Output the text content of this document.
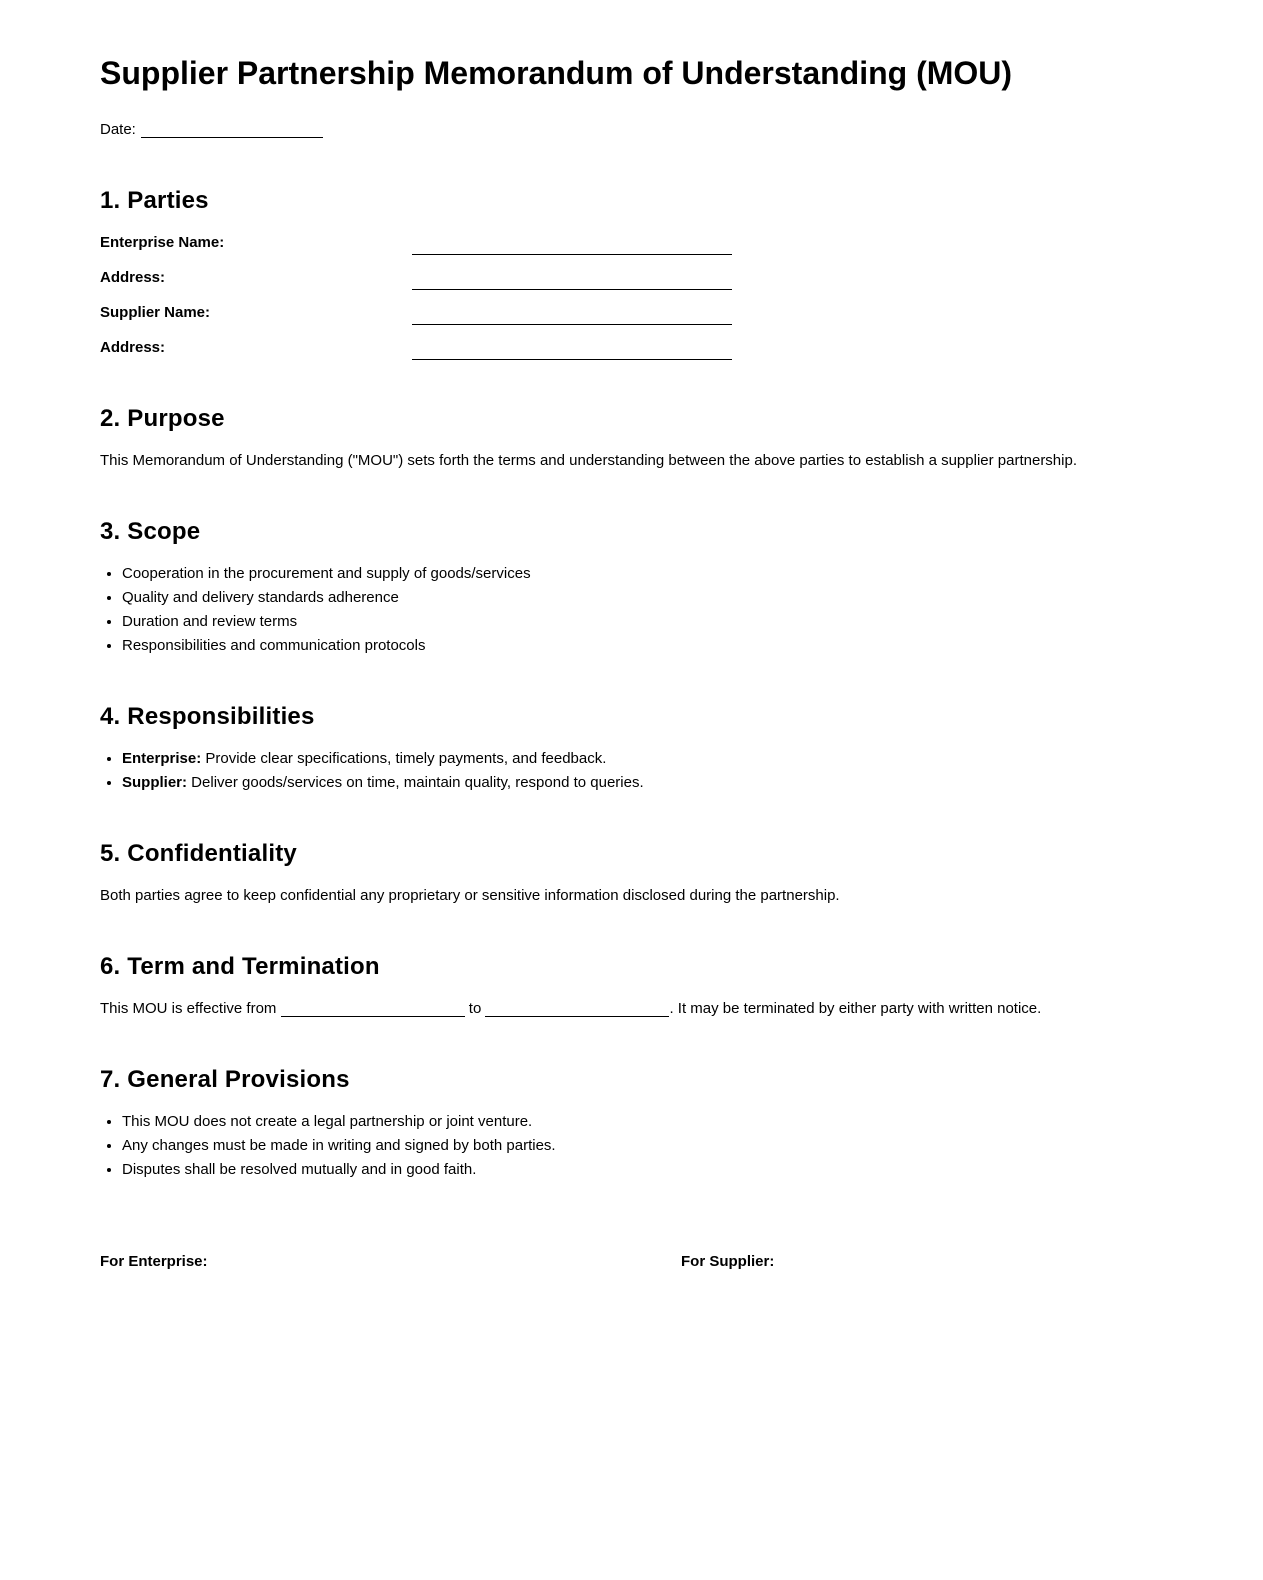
Supplier Partnership Memorandum of Understanding (MOU)

Date:

1. Parties
Enterprise Name:
Address:
Supplier Name:
Address:
2. Purpose

This Memorandum of Understanding ("MOU") sets forth the terms and understanding between the above parties to establish a supplier partnership.

3. Scope
• Cooperation in the procurement and supply of goods/services
• Quality and delivery standards adherence
• Duration and review terms
• Responsibilities and communication protocols
4. Responsibilities
• Enterprise: Provide clear specifications, timely payments, and feedback.
• Supplier: Deliver goods/services on time, maintain quality, respond to queries.
5. Confidentiality

Both parties agree to keep confidential any proprietary or sensitive information disclosed during the partnership.

6. Term and Termination

This MOU is effective from	to	. It may be terminated by either party with written notice.

7. General Provisions
• This MOU does not create a legal partnership or joint venture.
• Any changes must be made in writing and signed by both parties.
• Disputes shall be resolved mutually and in good faith.
For Enterprise:	For Supplier:
